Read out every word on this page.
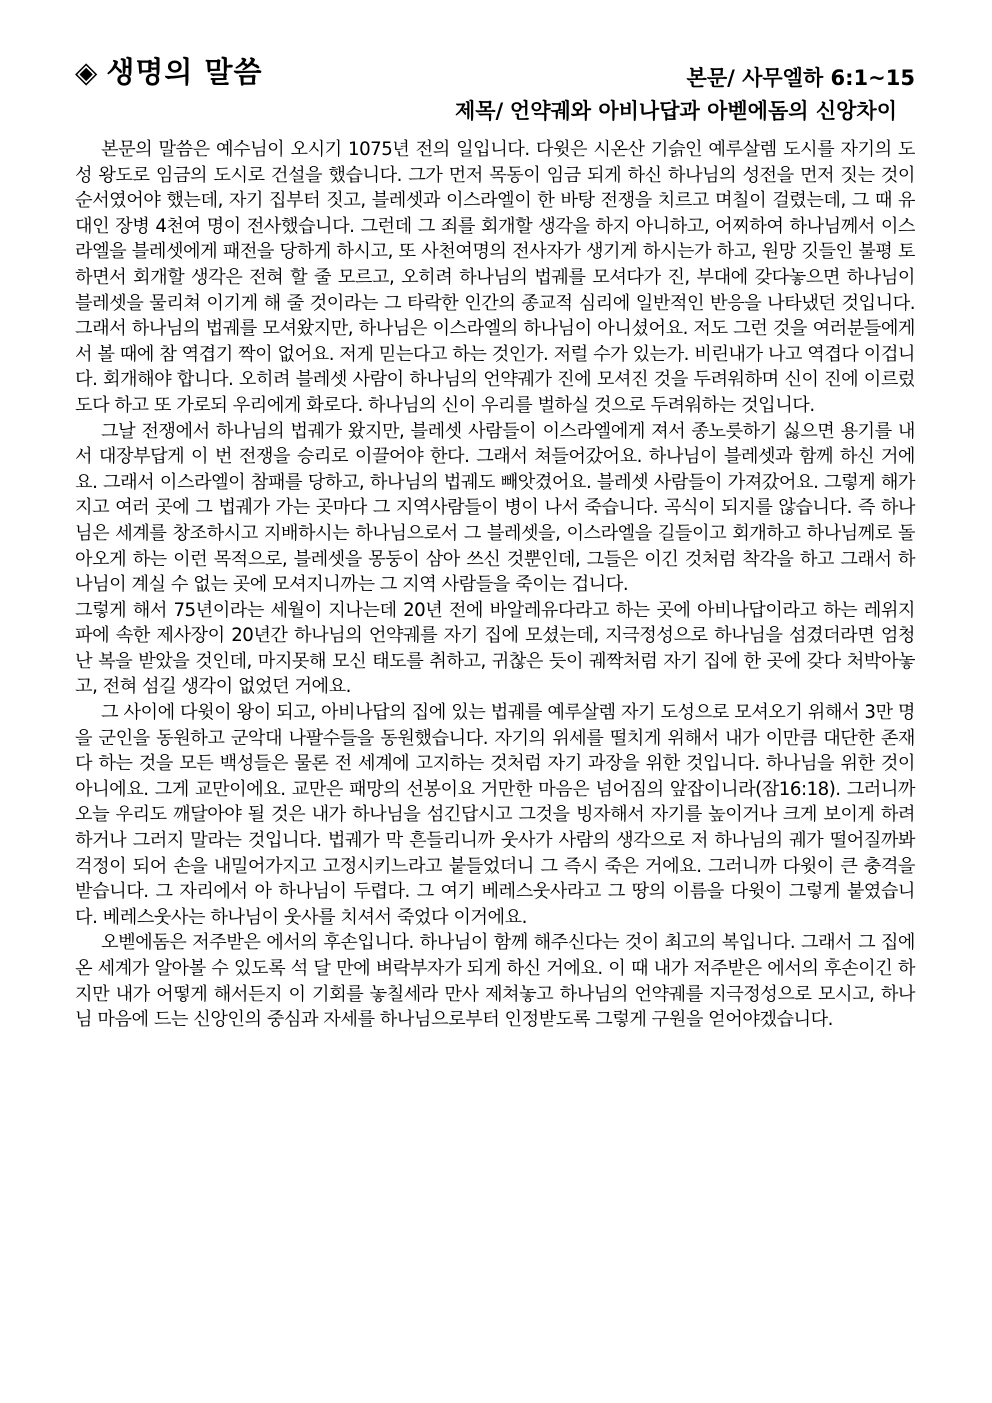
◈ 생명의 말씀	본문/ 사무엘하 6:1~15
제목/ 언약궤와 아비나답과 아벧에돔의 신앙차이

본문의 말씀은 예수님이 오시기 1075년 전의 일입니다. 다윗은 시온산 기슭인 예루살렘 도시를 자기의 도성 왕도로 임금의 도시로 건설을 했습니다. 그가 먼저 목동이 임금 되게 하신 하나님의 성전을 먼저 짓는 것이 순서였어야 했는데, 자기 집부터 짓고, 블레셋과 이스라엘이 한 바탕 전쟁을 치르고 며칠이 걸렸는데, 그 때 유대인 장병 4천여 명이 전사했습니다. 그런데 그 죄를 회개할 생각을 하지 아니하고, 어찌하여 하나님께서 이스라엘을 블레셋에게 패전을 당하게 하시고, 또 사천여명의 전사자가 생기게 하시는가 하고, 원망 깃들인 불평 토하면서 회개할 생각은 전혀 할 줄 모르고, 오히려 하나님의 법궤를 모셔다가 진, 부대에 갖다놓으면 하나님이 블레셋을 물리쳐 이기게 해 줄 것이라는 그 타락한 인간의 종교적 심리에 일반적인 반응을 나타냈던 것입니다. 그래서 하나님의 법궤를 모셔왔지만, 하나님은 이스라엘의 하나님이 아니셨어요. 저도 그런 것을 여러분들에게서 볼 때에 참 역겹기 짝이 없어요. 저게 믿는다고 하는 것인가. 저럴 수가 있는가. 비린내가 나고 역겹다 이겁니다. 회개해야 합니다. 오히려 블레셋 사람이 하나님의 언약궤가 진에 모셔진 것을 두려워하며 신이 진에 이르렀도다 하고 또 가로되 우리에게 화로다. 하나님의 신이 우리를 벌하실 것으로 두려워하는 것입니다.

그날 전쟁에서 하나님의 법궤가 왔지만, 블레셋 사람들이 이스라엘에게 져서 종노릇하기 싫으면 용기를 내서 대장부답게 이 번 전쟁을 승리로 이끌어야 한다. 그래서 쳐들어갔어요. 하나님이 블레셋과 함께 하신 거에요. 그래서 이스라엘이 참패를 당하고, 하나님의 법궤도 빼앗겼어요. 블레셋 사람들이 가져갔어요. 그렇게 해가지고 여러 곳에 그 법궤가 가는 곳마다 그 지역사람들이 병이 나서 죽습니다. 곡식이 되지를 않습니다. 즉 하나님은 세계를 창조하시고 지배하시는 하나님으로서 그 블레셋을, 이스라엘을 길들이고 회개하고 하나님께로 돌아오게 하는 이런 목적으로, 블레셋을 몽둥이 삼아 쓰신 것뿐인데, 그들은 이긴 것처럼 착각을 하고 그래서 하나님이 계실 수 없는 곳에 모셔지니까는 그 지역 사람들을 죽이는 겁니다.

그렇게 해서 75년이라는 세월이 지나는데 20년 전에 바알레유다라고 하는 곳에 아비나답이라고 하는 레위지파에 속한 제사장이 20년간 하나님의 언약궤를 자기 집에 모셨는데, 지극정성으로 하나님을 섬겼더라면 엄청난 복을 받았을 것인데, 마지못해 모신 태도를 취하고, 귀찮은 듯이 궤짝처럼 자기 집에 한 곳에 갖다 처박아놓고, 전혀 섬길 생각이 없었던 거에요.

그 사이에 다윗이 왕이 되고, 아비나답의 집에 있는 법궤를 예루살렘 자기 도성으로 모셔오기 위해서 3만 명을 군인을 동원하고 군악대 나팔수들을 동원했습니다. 자기의 위세를 떨치게 위해서 내가 이만큼 대단한 존재다 하는 것을 모든 백성들은 물론 전 세계에 고지하는 것처럼 자기 과장을 위한 것입니다. 하나님을 위한 것이 아니에요. 그게 교만이에요. 교만은 패망의 선봉이요 거만한 마음은 넘어짐의 앞잡이니라(잠16:18). 그러니까 오늘 우리도 깨달아야 될 것은 내가 하나님을 섬긴답시고 그것을 빙자해서 자기를 높이거나 크게 보이게 하려하거나 그러지 말라는 것입니다. 법궤가 막 흔들리니까 웃사가 사람의 생각으로 저 하나님의 궤가 떨어질까봐 걱정이 되어 손을 내밀어가지고 고정시키느라고 붙들었더니 그 즉시 죽은 거에요. 그러니까 다윗이 큰 충격을 받습니다. 그 자리에서 아 하나님이 두렵다. 그 여기 베레스웃사라고 그 땅의 이름을 다윗이 그렇게 붙였습니다. 베레스웃사는 하나님이 웃사를 치셔서 죽었다 이거에요.

오벧에돔은 저주받은 에서의 후손입니다. 하나님이 함께 해주신다는 것이 최고의 복입니다. 그래서 그 집에 온 세계가 알아볼 수 있도록 석 달 만에 벼락부자가 되게 하신 거에요. 이 때 내가 저주받은 에서의 후손이긴 하지만 내가 어떻게 해서든지 이 기회를 놓칠세라 만사 제쳐놓고 하나님의 언약궤를 지극정성으로 모시고, 하나님 마음에 드는 신앙인의 중심과 자세를 하나님으로부터 인정받도록 그렇게 구원을 얻어야겠습니다.
